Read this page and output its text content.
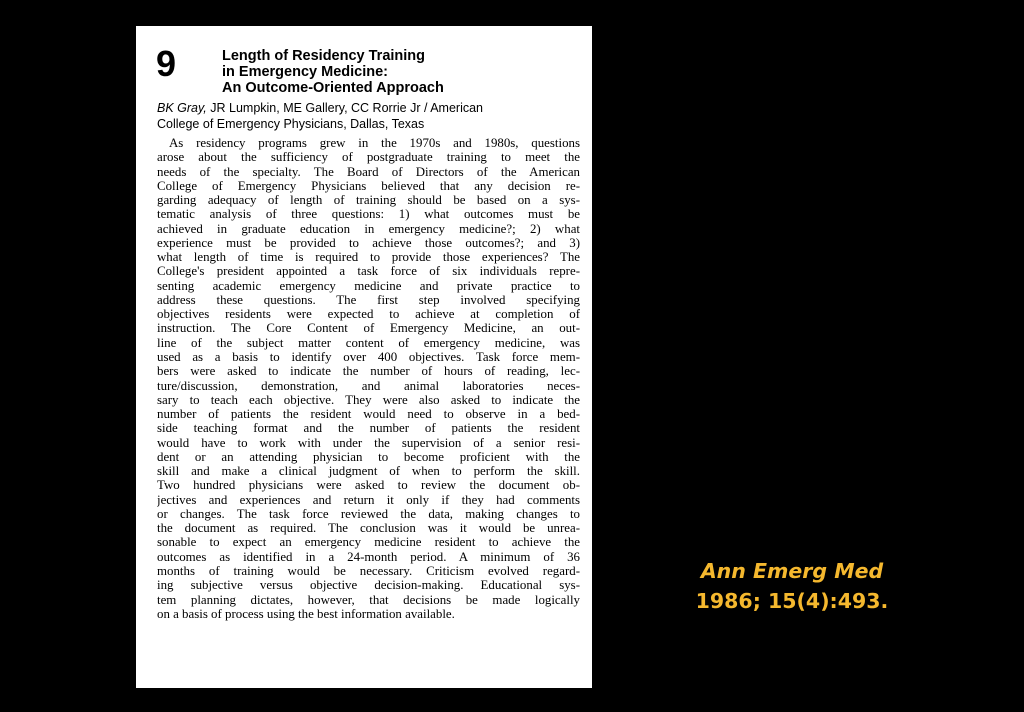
9	Length of Residency Training
in Emergency Medicine:
An Outcome-Oriented Approach
BK Gray, JR Lumpkin, ME Gallery, CC Rorrie Jr / American
College of Emergency Physicians, Dallas, Texas
As residency programs grew in the 1970s and 1980s, questions
arose about the sufficiency of postgraduate training to meet the
needs of the specialty. The Board of Directors of the American
College of Emergency Physicians believed that any decision re-
garding adequacy of length of training should be based on a sys-
tematic analysis of three questions: 1) what outcomes must be
achieved in graduate education in emergency medicine?; 2) what
experience must be provided to achieve those outcomes?; and 3)
what length of time is required to provide those experiences? The
College's president appointed a task force of six individuals repre-
senting academic emergency medicine and private practice to
address these questions. The first step involved specifying
objectives residents were expected to achieve at completion of
instruction. The Core Content of Emergency Medicine, an out-
line of the subject matter content of emergency medicine, was
used as a basis to identify over 400 objectives. Task force mem-
bers were asked to indicate the number of hours of reading, lec-
ture/discussion, demonstration, and animal laboratories neces-
sary to teach each objective. They were also asked to indicate the
number of patients the resident would need to observe in a bed-
side teaching format and the number of patients the resident
would have to work with under the supervision of a senior resi-
dent or an attending physician to become proficient with the
skill and make a clinical judgment of when to perform the skill.
Two hundred physicians were asked to review the document ob-
jectives and experiences and return it only if they had comments
or changes. The task force reviewed the data, making changes to
the document as required. The conclusion was it would be unrea-
sonable to expect an emergency medicine resident to achieve the
outcomes as identified in a 24-month period. A minimum of 36
months of training would be necessary. Criticism evolved regard-
ing subjective versus objective decision-making. Educational sys-
tem planning dictates, however, that decisions be made logically
on a basis of process using the best information available.
Ann Emerg Med
1986; 15(4):493.
